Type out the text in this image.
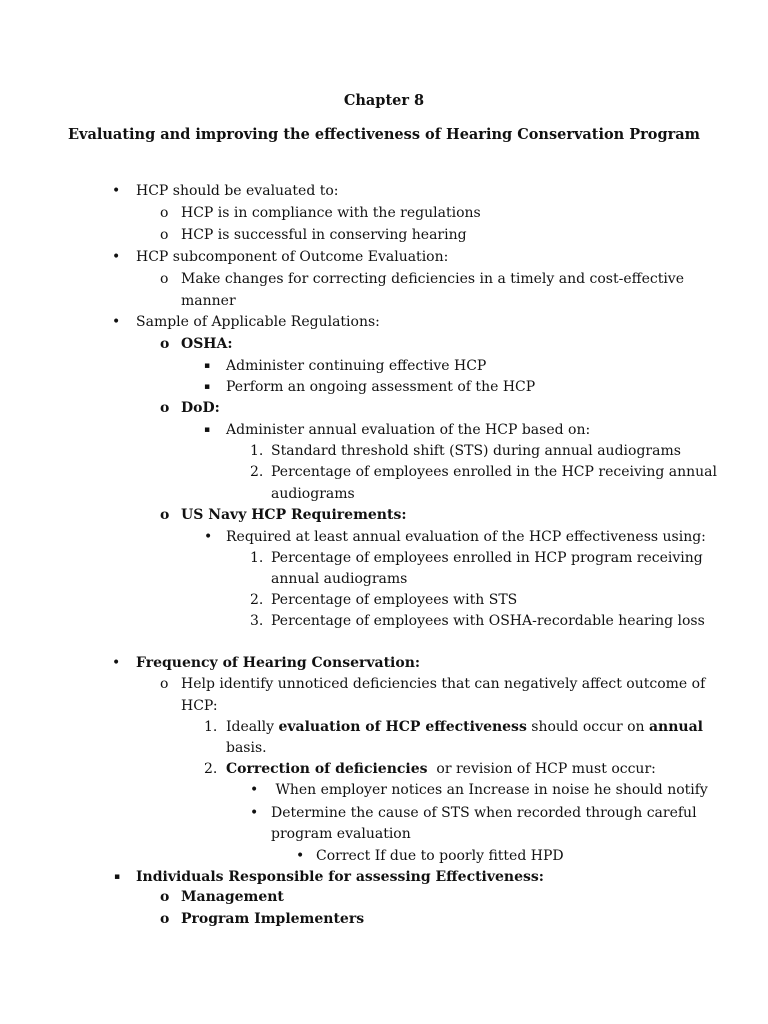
Chapter 8
Evaluating and improving the effectiveness of Hearing Conservation Program
• HCP should be evaluated to:
o HCP is in compliance with the regulations
o HCP is successful in conserving hearing
• HCP subcomponent of Outcome Evaluation:
o Make changes for correcting deficiencies in a timely and cost-effective
manner
• Sample of Applicable Regulations:
o OSHA:
▪ Administer continuing effective HCP
▪ Perform an ongoing assessment of the HCP
o DoD:
▪ Administer annual evaluation of the HCP based on:
1. Standard threshold shift (STS) during annual audiograms
2. Percentage of employees enrolled in the HCP receiving annual
audiograms
o US Navy HCP Requirements:
• Required at least annual evaluation of the HCP effectiveness using:
1. Percentage of employees enrolled in HCP program receiving
annual audiograms
2. Percentage of employees with STS
3. Percentage of employees with OSHA-recordable hearing loss
• Frequency of Hearing Conservation:
o Help identify unnoticed deficiencies that can negatively affect outcome of
HCP:
1. Ideally evaluation of HCP effectiveness should occur on annual
basis.
2. Correction of deficiencies  or revision of HCP must occur:
• When employer notices an Increase in noise he should notify
• Determine the cause of STS when recorded through careful
program evaluation
• Correct If due to poorly fitted HPD
▪ Individuals Responsible for assessing Effectiveness:
o Management
o Program Implementers
